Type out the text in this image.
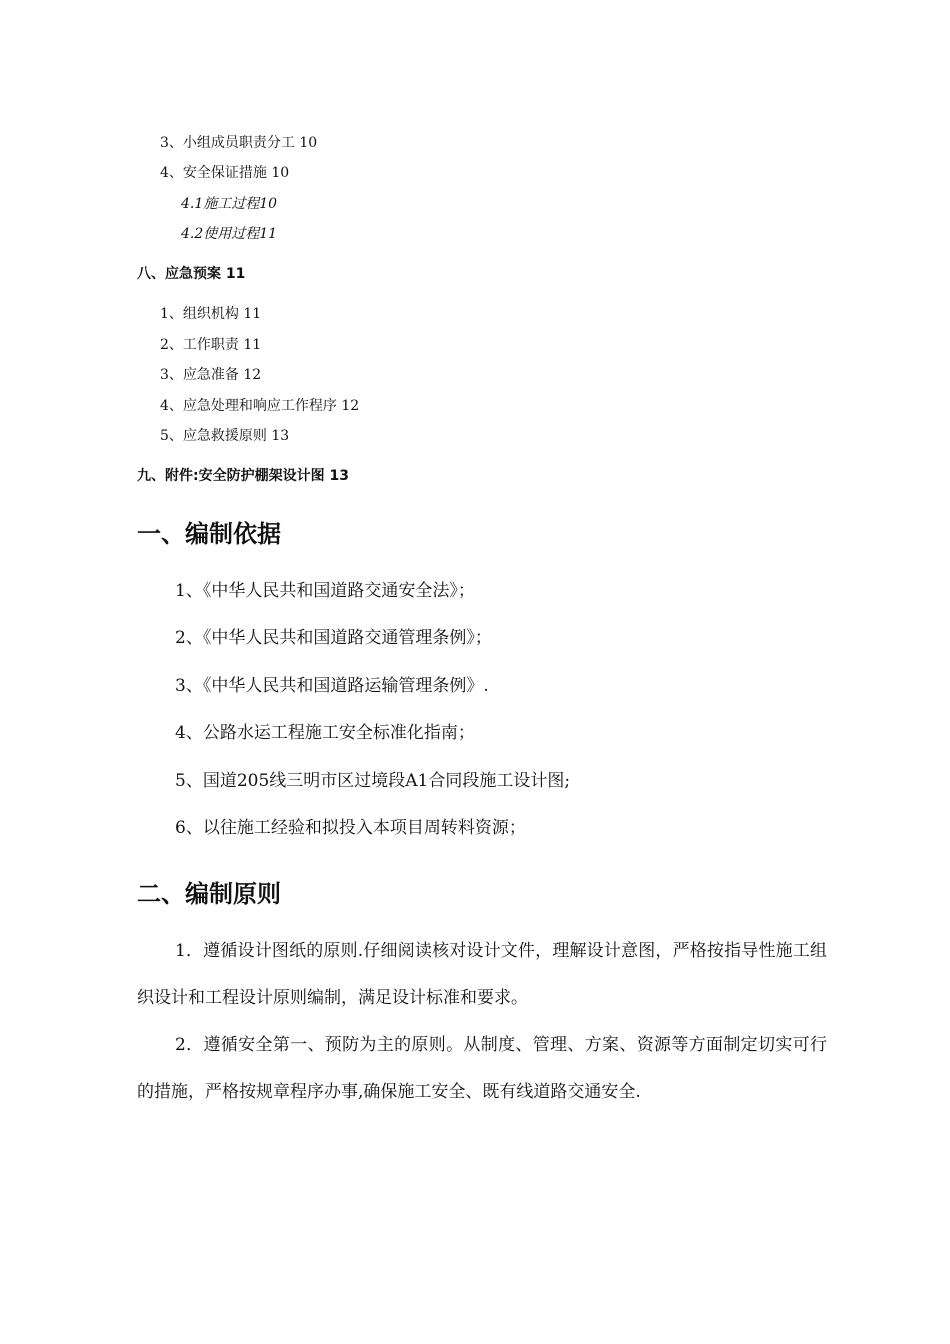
3、小组成员职责分工 10
4、安全保证措施 10
4.1施工过程10
4.2使用过程11
八、应急预案 11
1、组织机构 11
2、工作职责 11
3、应急准备 12
4、应急处理和响应工作程序 12
5、应急救援原则 13
九、附件:安全防护棚架设计图 13
一、编制依据
1、《中华人民共和国道路交通安全法》；
2、《中华人民共和国道路交通管理条例》；
3、《中华人民共和国道路运输管理条例》.
4、公路水运工程施工安全标准化指南；
5、国道205线三明市区过境段A1合同段施工设计图;
6、以往施工经验和拟投入本项目周转料资源；
二、编制原则
1．遵循设计图纸的原则.仔细阅读核对设计文件，理解设计意图，严格按指导性施工组织设计和工程设计原则编制，满足设计标准和要求。
2．遵循安全第一、预防为主的原则。从制度、管理、方案、资源等方面制定切实可行的措施，严格按规章程序办事,确保施工安全、既有线道路交通安全.
